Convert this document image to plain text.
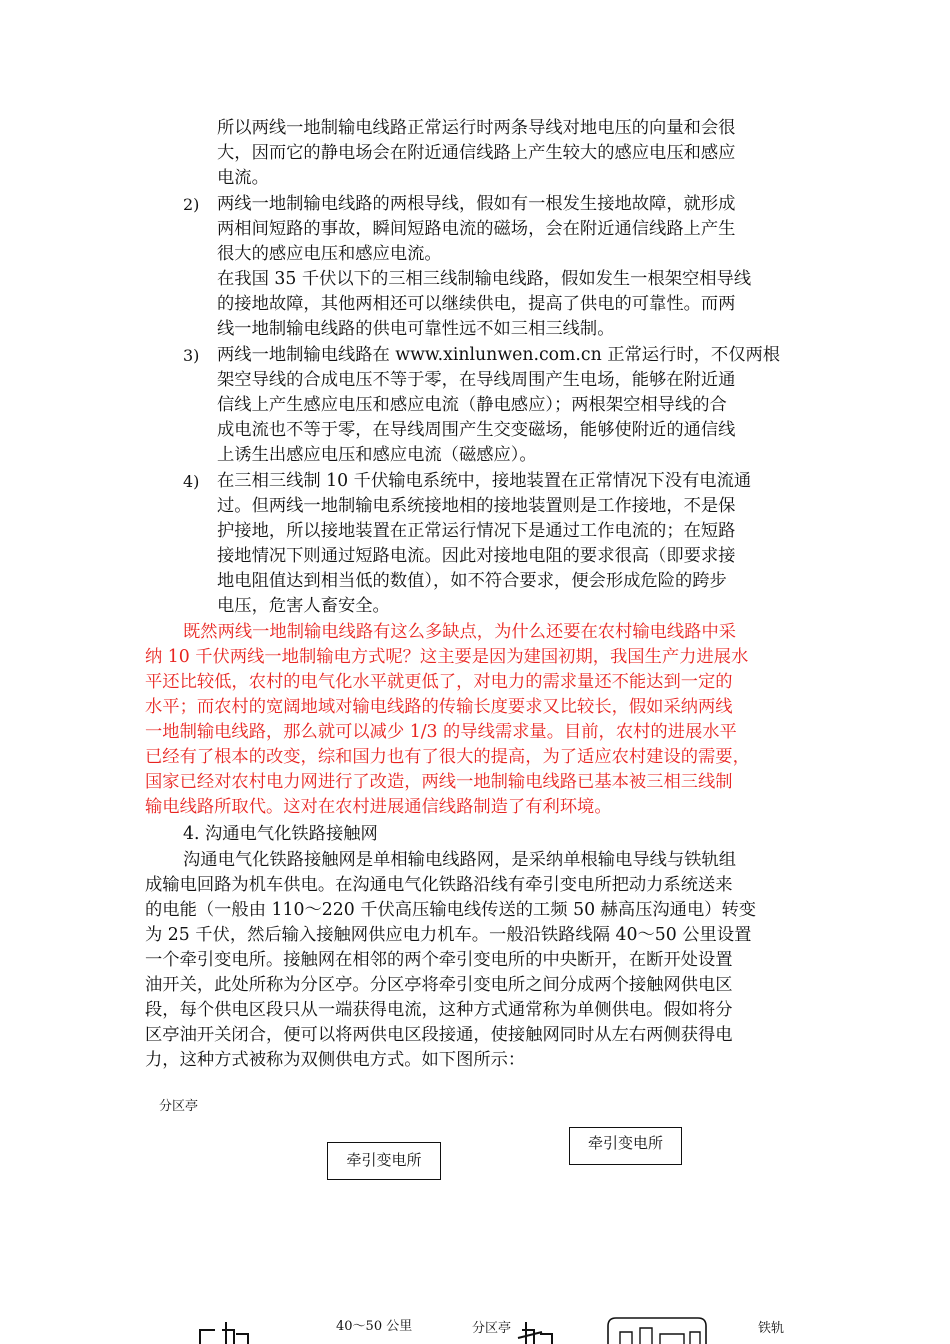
所以两线一地制输电线路正常运行时两条导线对地电压的向量和会很
大，因而它的静电场会在附近通信线路上产生较大的感应电压和感应
电流。
2) 两线一地制输电线路的两根导线，假如有一根发生接地故障，就形成
两相间短路的事故，瞬间短路电流的磁场，会在附近通信线路上产生
很大的感应电压和感应电流。
在我国 35 千伏以下的三相三线制输电线路，假如发生一根架空相导线
的接地故障，其他两相还可以继续供电，提高了供电的可靠性。而两
线一地制输电线路的供电可靠性远不如三相三线制。
3) 两线一地制输电线路在 www.xinlunwen.com.cn 正常运行时，不仅两根
架空导线的合成电压不等于零，在导线周围产生电场，能够在附近通
信线上产生感应电压和感应电流（静电感应）；两根架空相导线的合
成电流也不等于零，在导线周围产生交变磁场，能够使附近的通信线
上诱生出感应电压和感应电流（磁感应）。
4) 在三相三线制 10 千伏输电系统中，接地装置在正常情况下没有电流通
过。但两线一地制输电系统接地相的接地装置则是工作接地，不是保
护接地，所以接地装置在正常运行情况下是通过工作电流的；在短路
接地情况下则通过短路电流。因此对接地电阻的要求很高（即要求接
地电阻值达到相当低的数值），如不符合要求，便会形成危险的跨步
电压，危害人畜安全。
既然两线一地制输电线路有这么多缺点，为什么还要在农村输电线路中采
纳 10 千伏两线一地制输电方式呢？这主要是因为建国初期，我国生产力进展水
平还比较低，农村的电气化水平就更低了，对电力的需求量还不能达到一定的
水平；而农村的宽阔地域对输电线路的传输长度要求又比较长，假如采纳两线
一地制输电线路，那么就可以减少 1/3 的导线需求量。目前，农村的进展水平
已经有了根本的改变，综和国力也有了很大的提高，为了适应农村建设的需要，
国家已经对农村电力网进行了改造，两线一地制输电线路已基本被三相三线制
输电线路所取代。这对在农村进展通信线路制造了有利环境。
4. 沟通电气化铁路接触网
沟通电气化铁路接触网是单相输电线路网，是采纳单根输电导线与铁轨组
成输电回路为机车供电。在沟通电气化铁路沿线有牵引变电所把动力系统送来
的电能（一般由 110～220 千伏高压输电线传送的工频 50 赫高压沟通电）转变
为 25 千伏，然后输入接触网供应电力机车。一般沿铁路线隔 40～50 公里设置
一个牵引变电所。接触网在相邻的两个牵引变电所的中央断开，在断开处设置
油开关，此处所称为分区亭。分区亭将牵引变电所之间分成两个接触网供电区
段，每个供电区段只从一端获得电流，这种方式通常称为单侧供电。假如将分
区亭油开关闭合，便可以将两供电区段接通，使接触网同时从左右两侧获得电
力，这种方式被称为双侧供电方式。如下图所示：
分区亭
牵引变电所
牵引变电所
40～50 公里	分区亭	铁轨
